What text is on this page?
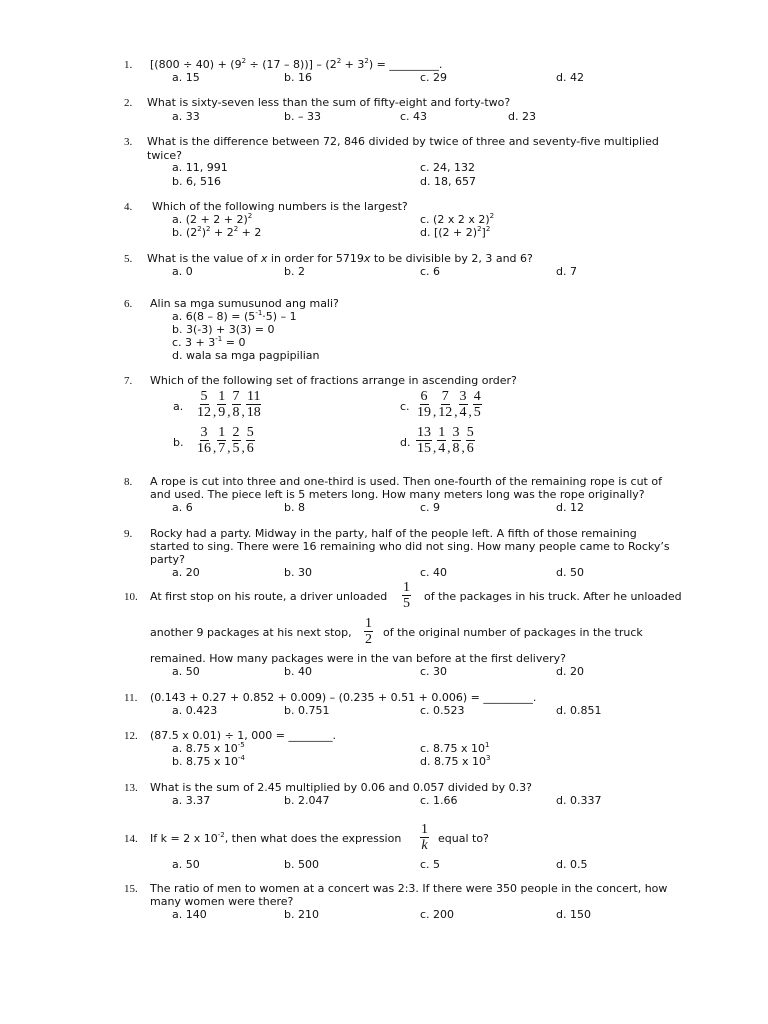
1. $[(800 \div 40) + (9^2 \div (17 - 8))] - (2^2 + 3^2)$ = _________.
a. 15	b. 16	c. 29	d. 42
2. What is sixty-seven less than the sum of fifty-eight and forty-two?
a. 33	b. – 33	c. 43	d. 23
3. What is the difference between 72, 846 divided by twice of three and seventy-five multiplied
twice?
a. 11, 991
b. 6, 516
c. 24, 132
d. 18, 657
4. Which of the following numbers is the largest?
a. $(2 + 2 + 2)^2$
b. $(2^2)^2 + 2^2 + 2$
c. (2 x 2 x 2)$^2$
d. $[(2 + 2)^2]^2$
5. What is the value of x in order for 5719x to be divisible by 2, 3 and 6?
a. 0	b. 2	c. 6	d. 7
6. Alin sa mga sumusunod ang mali?
a. $6(8 - 8) = (5^{-1}\cdot 5) - 1$
b. 3(-3) + 3(3) = 0
c. $3 + 3^{-1} = 0$
d. wala sa mga pagpipilian
7. Which of the following set of fractions arrange in ascending order?
a. $\frac{5}{12}$ , $\frac{1}{9}$ , $\frac{7}{8}$ , $\frac{11}{18}$
b. $\frac{3}{16}$ , $\frac{1}{7}$ , $\frac{2}{5}$ , $\frac{5}{6}$
c. $\frac{6}{19}$ , $\frac{7}{12}$ , $\frac{3}{4}$ , $\frac{4}{5}$
d. $\frac{13}{15}$ , $\frac{1}{4}$ , $\frac{3}{8}$ , $\frac{5}{6}$
8. A rope is cut into three and one-third is used. Then one-fourth of the remaining rope is cut of
and used. The piece left is 5 meters long. How many meters long was the rope originally?
a. 6	b. 8	c. 9	d. 12
9. Rocky had a party. Midway in the party, half of the people left. A fifth of those remaining
started to sing. There were 16 remaining who did not sing. How many people came to Rocky’s
party?
a. 20	b. 30	c. 40	d. 50
10. At first stop on his route, a driver unloaded $\frac{1}{5}$ of the packages in his truck. After he unloaded
another 9 packages at his next stop, $\frac{1}{2}$ of the original number of packages in the truck
remained. How many packages were in the van before at the first delivery?
a. 50	b. 40	c. 30	d. 20
11. (0.143 + 0.27 + 0.852 + 0.009) – (0.235 + 0.51 + 0.006) = _________.
a. 0.423	b. 0.751	c. 0.523	d. 0.851
12. (87.5 x 0.01) ÷ 1, 000 = ________.
a. 8.75 x $10^{-5}$
b. 8.75 x $10^{-4}$
c. 8.75 x $10^1$
d. 8.75 x $10^3$
13. What is the sum of 2.45 multiplied by 0.06 and 0.057 divided by 0.3?
a. 3.37	b. 2.047	c. 1.66	d. 0.337
14. If k = 2 x $10^{-2}$, then what does the expression $\frac{1}{k}$ equal to?
a. 50	b. 500	c. 5	d. 0.5
15. The ratio of men to women at a concert was 2:3. If there were 350 people in the concert, how
many women were there?
a. 140	b. 210	c. 200	d. 150
